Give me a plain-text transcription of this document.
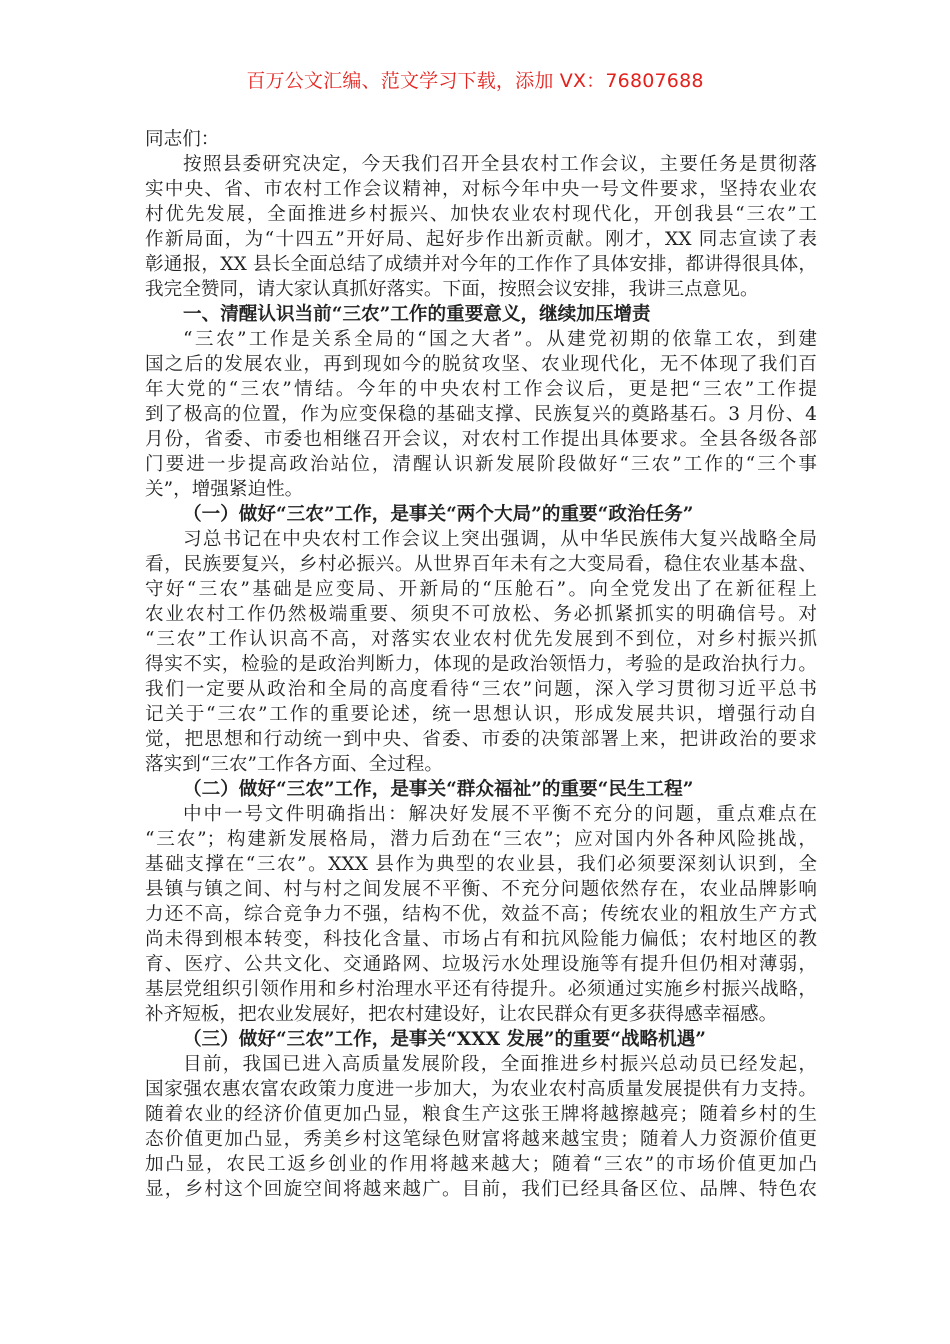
百万公文汇编、范文学习下载，添加 VX：76807688
同志们：
按照县委研究决定，今天我们召开全县农村工作会议，主要任务是贯彻落
实中央、省、市农村工作会议精神，对标今年中央一号文件要求，坚持农业农
村优先发展，全面推进乡村振兴、加快农业农村现代化，开创我县“三农”工
作新局面，为“十四五”开好局、起好步作出新贡献。刚才，XX 同志宣读了表
彰通报，XX 县长全面总结了成绩并对今年的工作作了具体安排，都讲得很具体，
我完全赞同，请大家认真抓好落实。下面，按照会议安排，我讲三点意见。
一、清醒认识当前“三农”工作的重要意义，继续加压增责
“三农”工作是关系全局的“国之大者”。从建党初期的依靠工农，到建
国之后的发展农业，再到现如今的脱贫攻坚、农业现代化，无不体现了我们百
年大党的“三农”情结。今年的中央农村工作会议后，更是把“三农”工作提
到了极高的位置，作为应变保稳的基础支撑、民族复兴的奠路基石。3 月份、4
月份，省委、市委也相继召开会议，对农村工作提出具体要求。全县各级各部
门要进一步提高政治站位，清醒认识新发展阶段做好“三农”工作的“三个事
关”，增强紧迫性。
（一）做好“三农”工作，是事关“两个大局”的重要“政治任务”
习总书记在中央农村工作会议上突出强调，从中华民族伟大复兴战略全局
看，民族要复兴，乡村必振兴。从世界百年未有之大变局看，稳住农业基本盘、
守好“三农”基础是应变局、开新局的“压舱石”。向全党发出了在新征程上
农业农村工作仍然极端重要、须臾不可放松、务必抓紧抓实的明确信号。对
“三农”工作认识高不高，对落实农业农村优先发展到不到位，对乡村振兴抓
得实不实，检验的是政治判断力，体现的是政治领悟力，考验的是政治执行力。
我们一定要从政治和全局的高度看待“三农”问题，深入学习贯彻习近平总书
记关于“三农”工作的重要论述，统一思想认识，形成发展共识，增强行动自
觉，把思想和行动统一到中央、省委、市委的决策部署上来，把讲政治的要求
落实到“三农”工作各方面、全过程。
（二）做好“三农”工作，是事关“群众福祉”的重要“民生工程”
中中一号文件明确指出：解决好发展不平衡不充分的问题，重点难点在
“三农”；构建新发展格局，潜力后劲在“三农”；应对国内外各种风险挑战，
基础支撑在“三农”。XXX 县作为典型的农业县，我们必须要深刻认识到，全
县镇与镇之间、村与村之间发展不平衡、不充分问题依然存在，农业品牌影响
力还不高，综合竞争力不强，结构不优，效益不高；传统农业的粗放生产方式
尚未得到根本转变，科技化含量、市场占有和抗风险能力偏低；农村地区的教
育、医疗、公共文化、交通路网、垃圾污水处理设施等有提升但仍相对薄弱，
基层党组织引领作用和乡村治理水平还有待提升。必须通过实施乡村振兴战略，
补齐短板，把农业发展好，把农村建设好，让农民群众有更多获得感幸福感。
（三）做好“三农”工作，是事关“XXX 发展”的重要“战略机遇”
目前，我国已进入高质量发展阶段，全面推进乡村振兴总动员已经发起，
国家强农惠农富农政策力度进一步加大，为农业农村高质量发展提供有力支持。
随着农业的经济价值更加凸显，粮食生产这张王牌将越擦越亮；随着乡村的生
态价值更加凸显，秀美乡村这笔绿色财富将越来越宝贵；随着人力资源价值更
加凸显，农民工返乡创业的作用将越来越大；随着“三农”的市场价值更加凸
显，乡村这个回旋空间将越来越广。目前，我们已经具备区位、品牌、特色农
